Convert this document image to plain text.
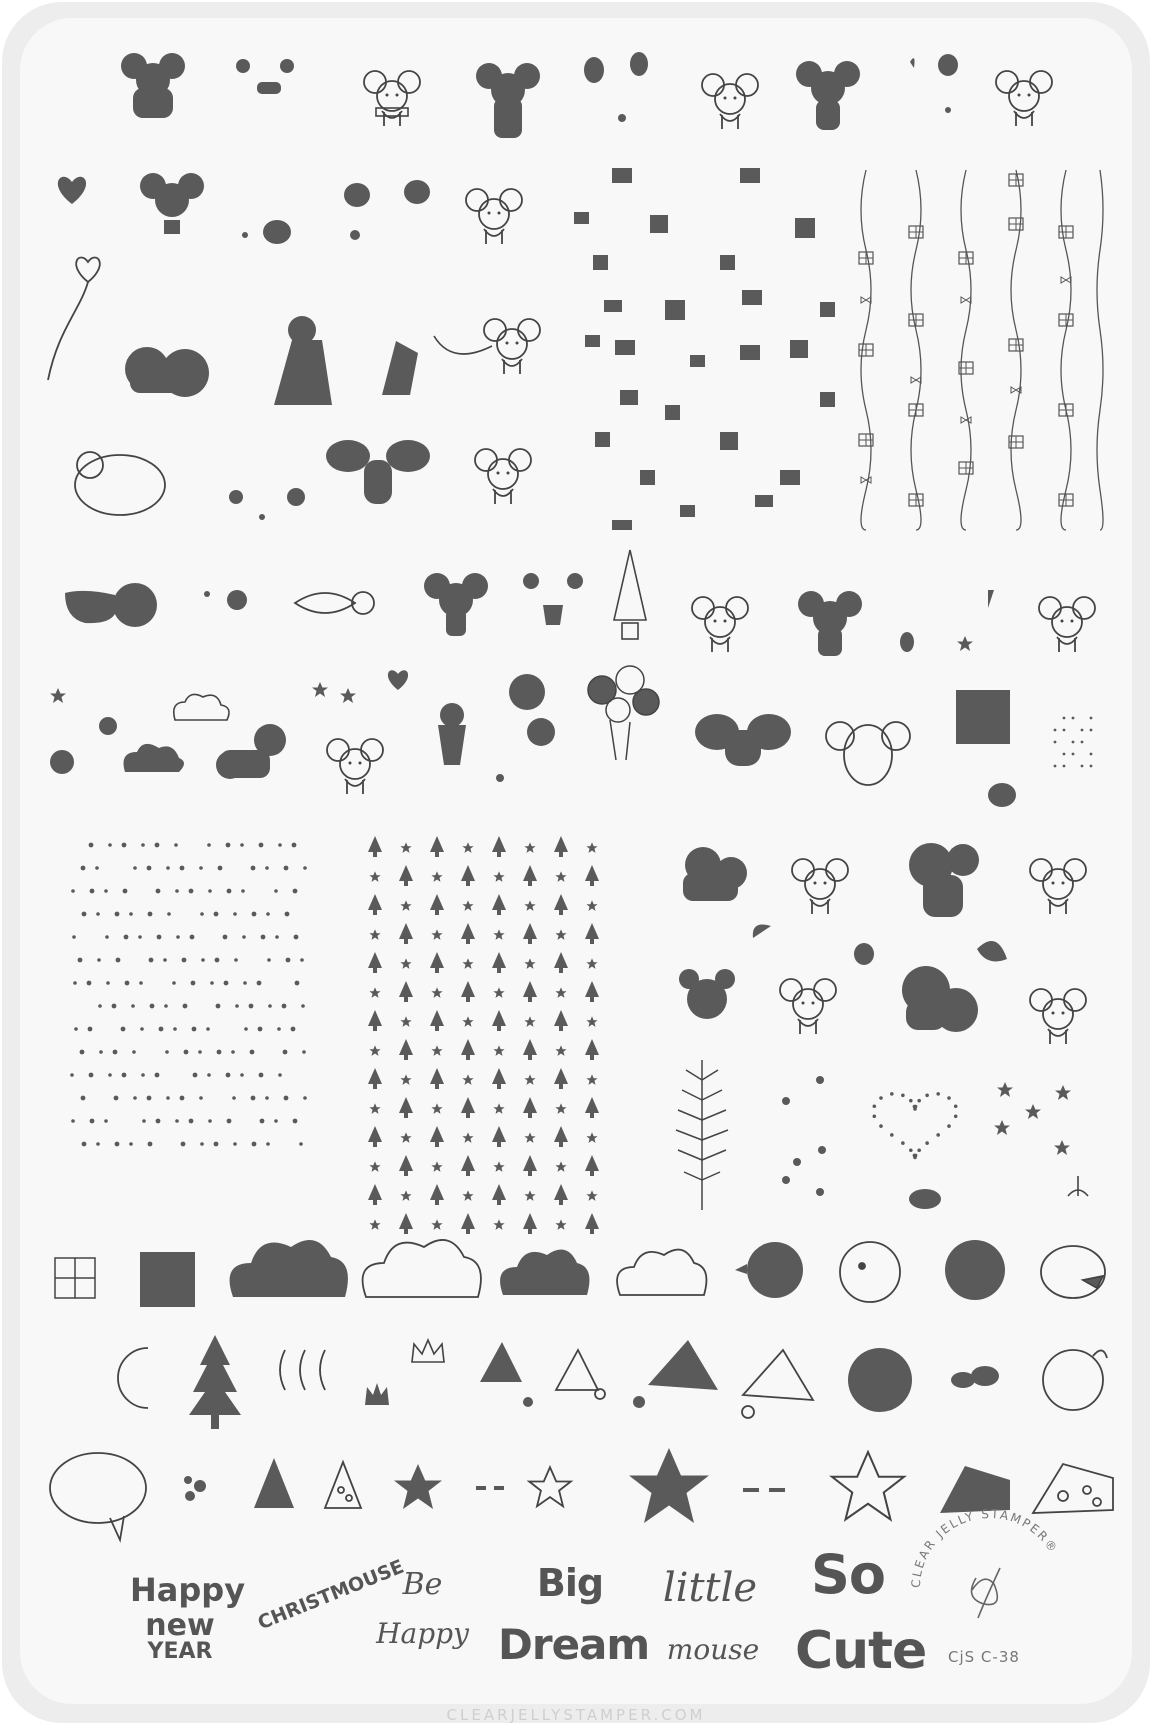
CLEAR JELLY STAMPER®
Happy
new
YEAR
CHRISTMOUSE
Be
Happy
Big
Dream
little
mouse
So
Cute CjS C-38
CLEARJELLYSTAMPER.COM
